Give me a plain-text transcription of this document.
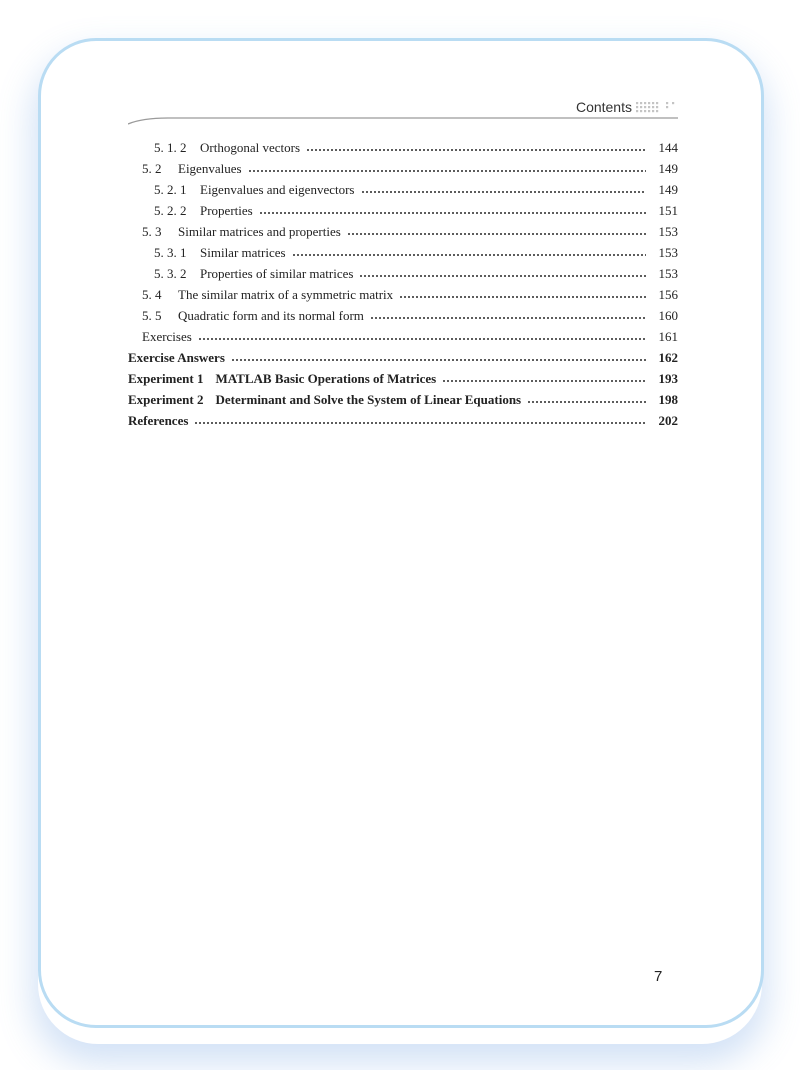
Contents
5. 1. 2	Orthogonal vectors	144
5. 2	Eigenvalues	149
5. 2. 1	Eigenvalues and eigenvectors	149
5. 2. 2	Properties	151
5. 3	Similar matrices and properties	153
5. 3. 1	Similar matrices	153
5. 3. 2	Properties of similar matrices	153
5. 4	The similar matrix of a symmetric matrix	156
5. 5	Quadratic form and its normal form	160
Exercises	161
Exercise Answers	162
Experiment 1 MATLAB Basic Operations of Matrices	193
Experiment 2 Determinant and Solve the System of Linear Equations	198
References	202
7
